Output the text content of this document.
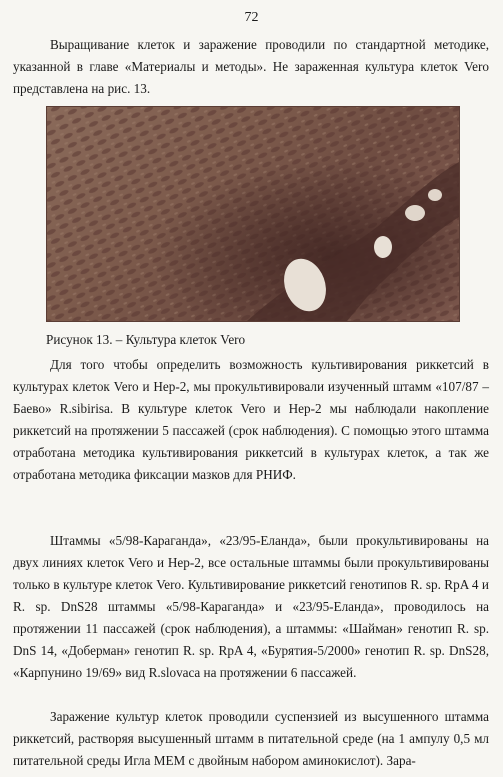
72

Выращивание клеток и заражение проводили по стандартной методике, указанной в главе «Материалы и методы». Не зараженная культура клеток Vero представлена на рис. 13.

Рисунок 13. – Культура клеток Vero

Для того чтобы определить возможность культивирования риккетсий в культурах клеток Vero и Hep-2, мы прокультивировали изученный штамм «107/87 – Баево» R.sibirisa. В культуре клеток Vero и Hep-2 мы наблюдали накопление риккетсий на протяжении 5 пассажей (срок наблюдения). С помощью этого штамма отработана методика культивирования риккетсий в культурах клеток, а так же отработана методика фиксации мазков для РНИФ.

Штаммы «5/98-Караганда», «23/95-Еланда», были прокультивированы на двух линиях клеток Vero и Hep-2, все остальные штаммы были прокультивированы только в культуре клеток Vero. Культивирование риккетсий генотипов R. sp. RpA 4 и R. sp. DnS28 штаммы «5/98-Караганда» и «23/95-Еланда», проводилось на протяжении 11 пассажей (срок наблюдения), а штаммы: «Шайман» генотип R. sp. DnS 14, «Доберман» генотип R. sp. RpA 4, «Бурятия-5/2000» генотип R. sp. DnS28, «Карпунино 19/69» вид R.slovaca на протяжении 6 пассажей.

Заражение культур клеток проводили суспензией из высушенного штамма риккетсий, растворяя высушенный штамм в питательной среде (на 1 ампулу 0,5 мл питательной среды Игла MEM с двойным набором аминокислот). Зара-
